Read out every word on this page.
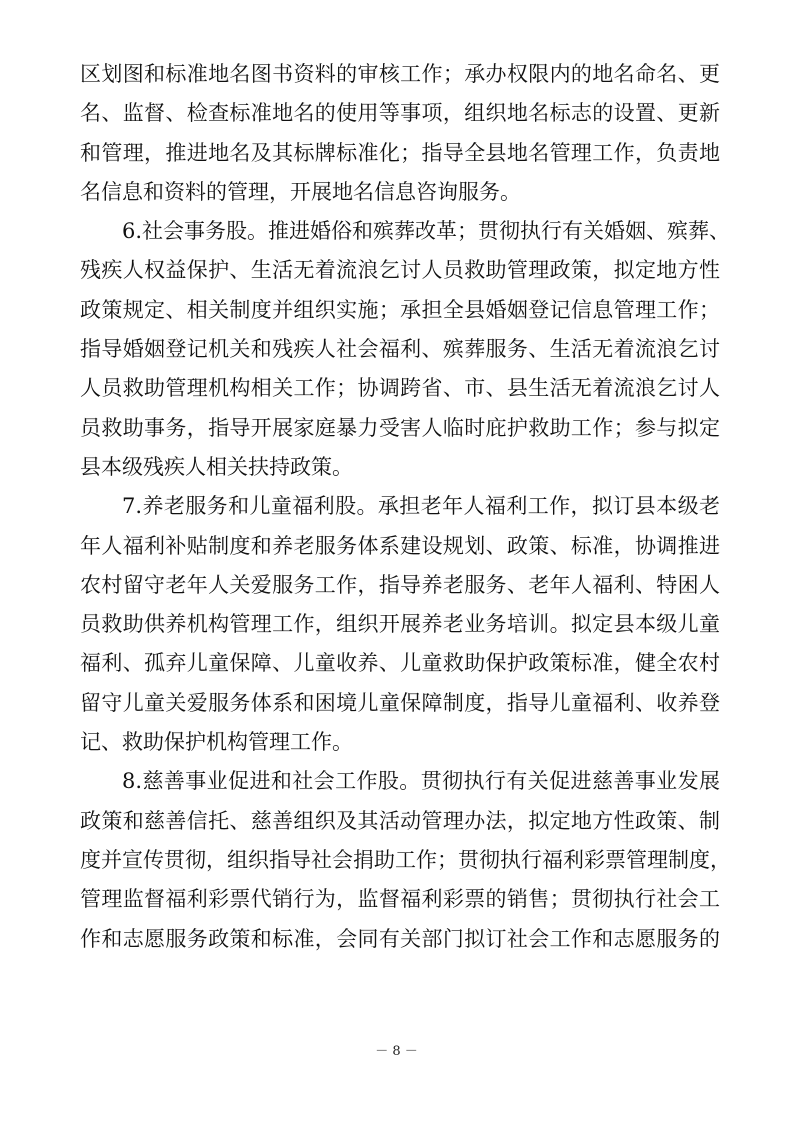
区划图和标准地名图书资料的审核工作；承办权限内的地名命名、更
名、监督、检查标准地名的使用等事项，组织地名标志的设置、更新
和管理，推进地名及其标牌标准化；指导全县地名管理工作，负责地
名信息和资料的管理，开展地名信息咨询服务。
6.社会事务股。推进婚俗和殡葬改革；贯彻执行有关婚姻、殡葬、
残疾人权益保护、生活无着流浪乞讨人员救助管理政策，拟定地方性
政策规定、相关制度并组织实施；承担全县婚姻登记信息管理工作；
指导婚姻登记机关和残疾人社会福利、殡葬服务、生活无着流浪乞讨
人员救助管理机构相关工作；协调跨省、市、县生活无着流浪乞讨人
员救助事务，指导开展家庭暴力受害人临时庇护救助工作；参与拟定
县本级残疾人相关扶持政策。
7.养老服务和儿童福利股。承担老年人福利工作，拟订县本级老
年人福利补贴制度和养老服务体系建设规划、政策、标准，协调推进
农村留守老年人关爱服务工作，指导养老服务、老年人福利、特困人
员救助供养机构管理工作，组织开展养老业务培训。拟定县本级儿童
福利、孤弃儿童保障、儿童收养、儿童救助保护政策标准，健全农村
留守儿童关爱服务体系和困境儿童保障制度，指导儿童福利、收养登
记、救助保护机构管理工作。
8.慈善事业促进和社会工作股。贯彻执行有关促进慈善事业发展
政策和慈善信托、慈善组织及其活动管理办法，拟定地方性政策、制
度并宣传贯彻，组织指导社会捐助工作；贯彻执行福利彩票管理制度，
管理监督福利彩票代销行为，监督福利彩票的销售；贯彻执行社会工
作和志愿服务政策和标准，会同有关部门拟订社会工作和志愿服务的
－ 8 －
